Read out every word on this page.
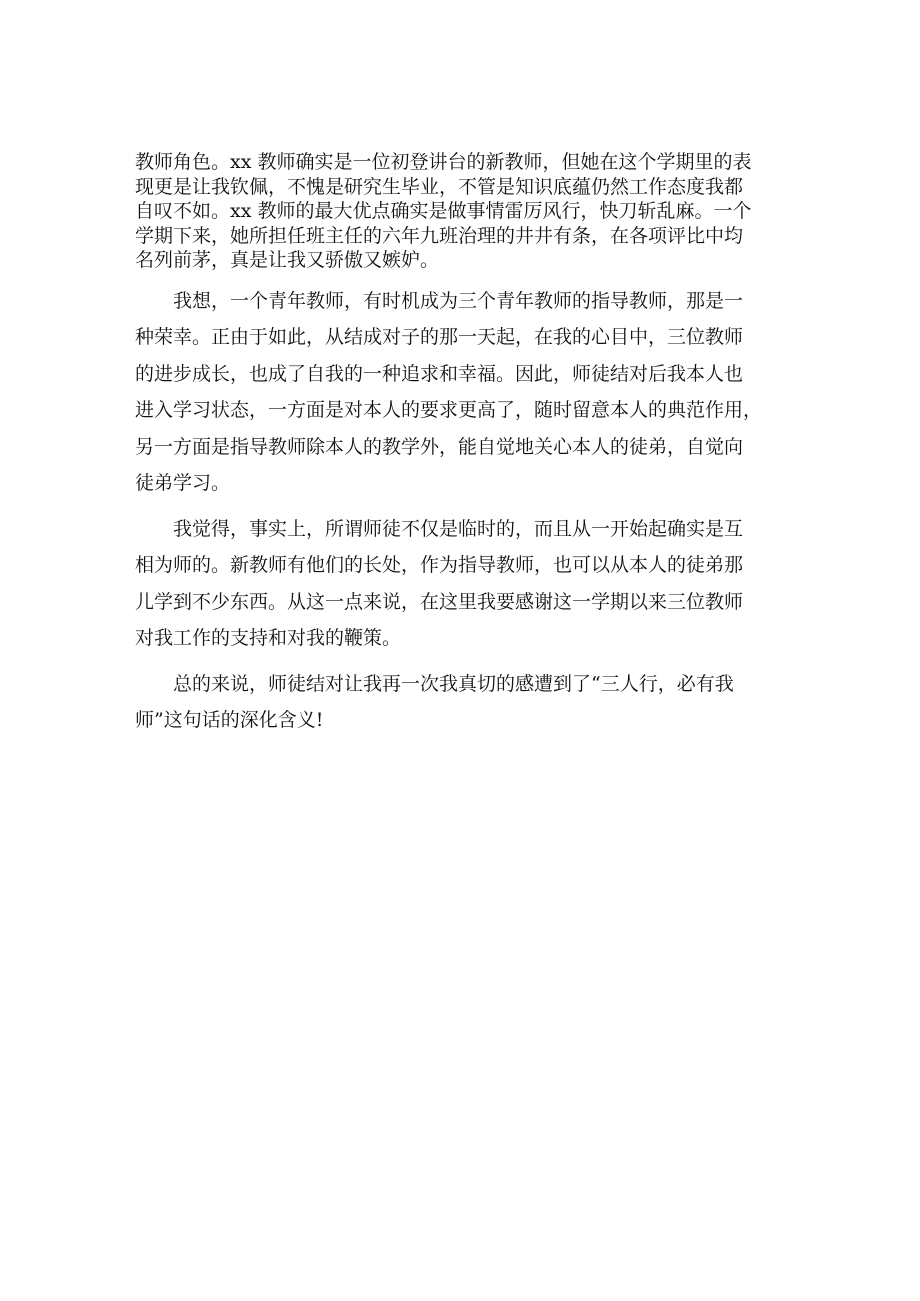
教师角色。xx 教师确实是一位初登讲台的新教师，但她在这个学期里的表
现更是让我钦佩，不愧是研究生毕业，不管是知识底蕴仍然工作态度我都
自叹不如。xx 教师的最大优点确实是做事情雷厉风行，快刀斩乱麻。一个
学期下来，她所担任班主任的六年九班治理的井井有条，在各项评比中均
名列前茅，真是让我又骄傲又嫉妒。
　　我想，一个青年教师，有时机成为三个青年教师的指导教师，那是一
种荣幸。正由于如此，从结成对子的那一天起，在我的心目中，三位教师
的进步成长，也成了自我的一种追求和幸福。因此，师徒结对后我本人也
进入学习状态，一方面是对本人的要求更高了，随时留意本人的典范作用，
另一方面是指导教师除本人的教学外，能自觉地关心本人的徒弟，自觉向
徒弟学习。
　　我觉得，事实上，所谓师徒不仅是临时的，而且从一开始起确实是互
相为师的。新教师有他们的长处，作为指导教师，也可以从本人的徒弟那
儿学到不少东西。从这一点来说，在这里我要感谢这一学期以来三位教师
对我工作的支持和对我的鞭策。
　　总的来说，师徒结对让我再一次我真切的感遭到了“三人行，必有我
师”这句话的深化含义!
